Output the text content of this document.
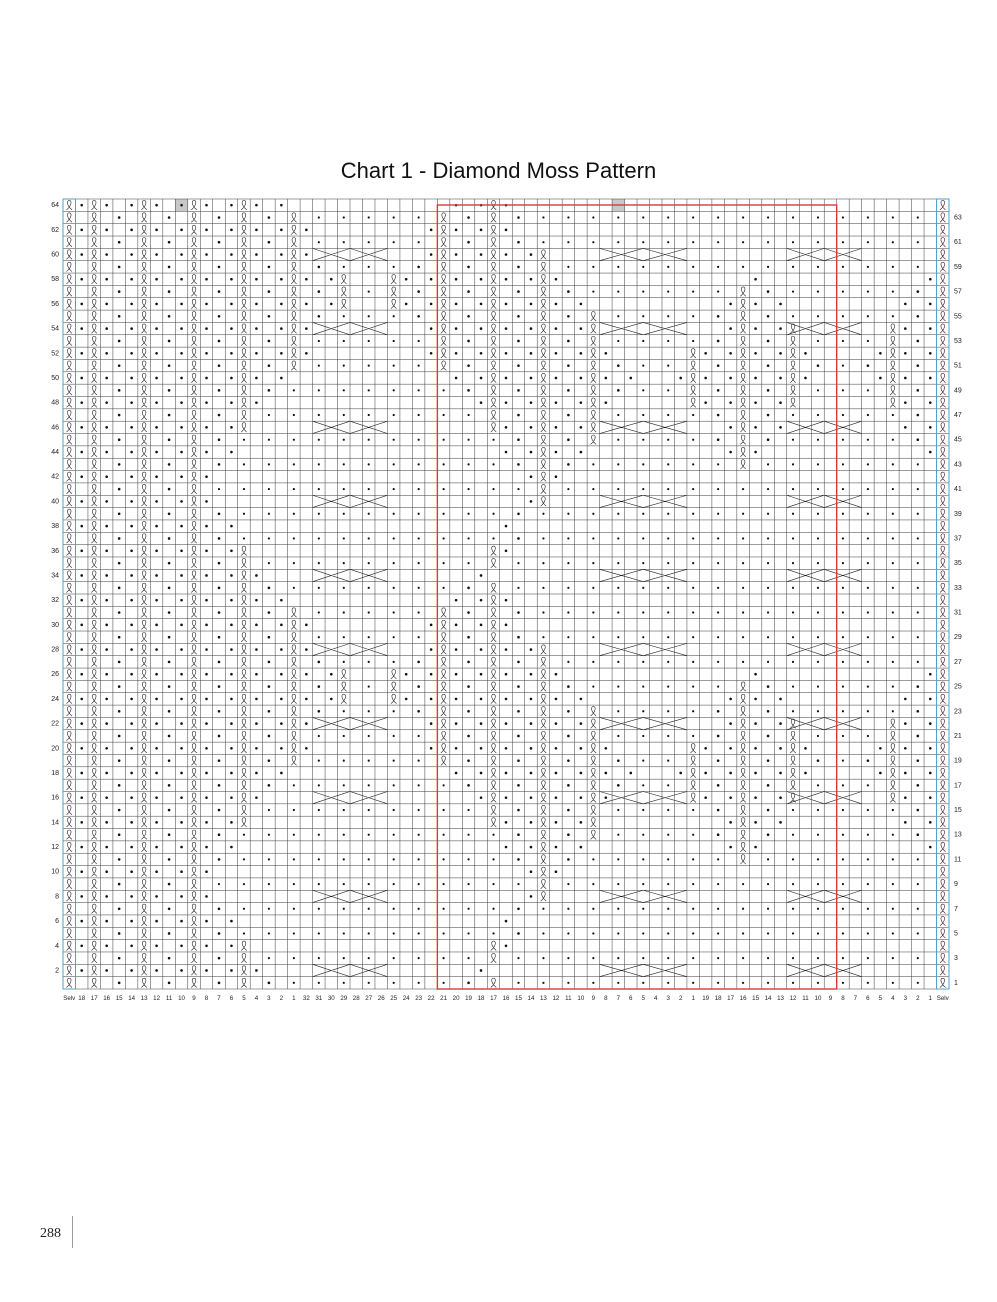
Chart 1 - Diamond Moss Pattern
64
62
60
58
56
54
52
50
48
46
44
42
40
38
36
34
32
30
28
26
24
22
20
18
16
14
12
10
8
6
4
2
63
61
59
57
55
53
51
49
47
45
43
41
39
37
35
33
31
29
27
25
23
21
19
17
15
13
11
9
7
5
3
1
Selv 18 17 16 15 14 13 12 11 10 9 8 7 6 5 4 3 2 1 32 31 30 29 28 27 26 25 24 23 22 21 20 19 18 17 16 15 14 13 12 11 10 9 8 7 6 5 4 3 2 1 19 18 17 16 15 14 13 12 11 10 9 8 7 6 5 4 3 2 1 Selv
288
